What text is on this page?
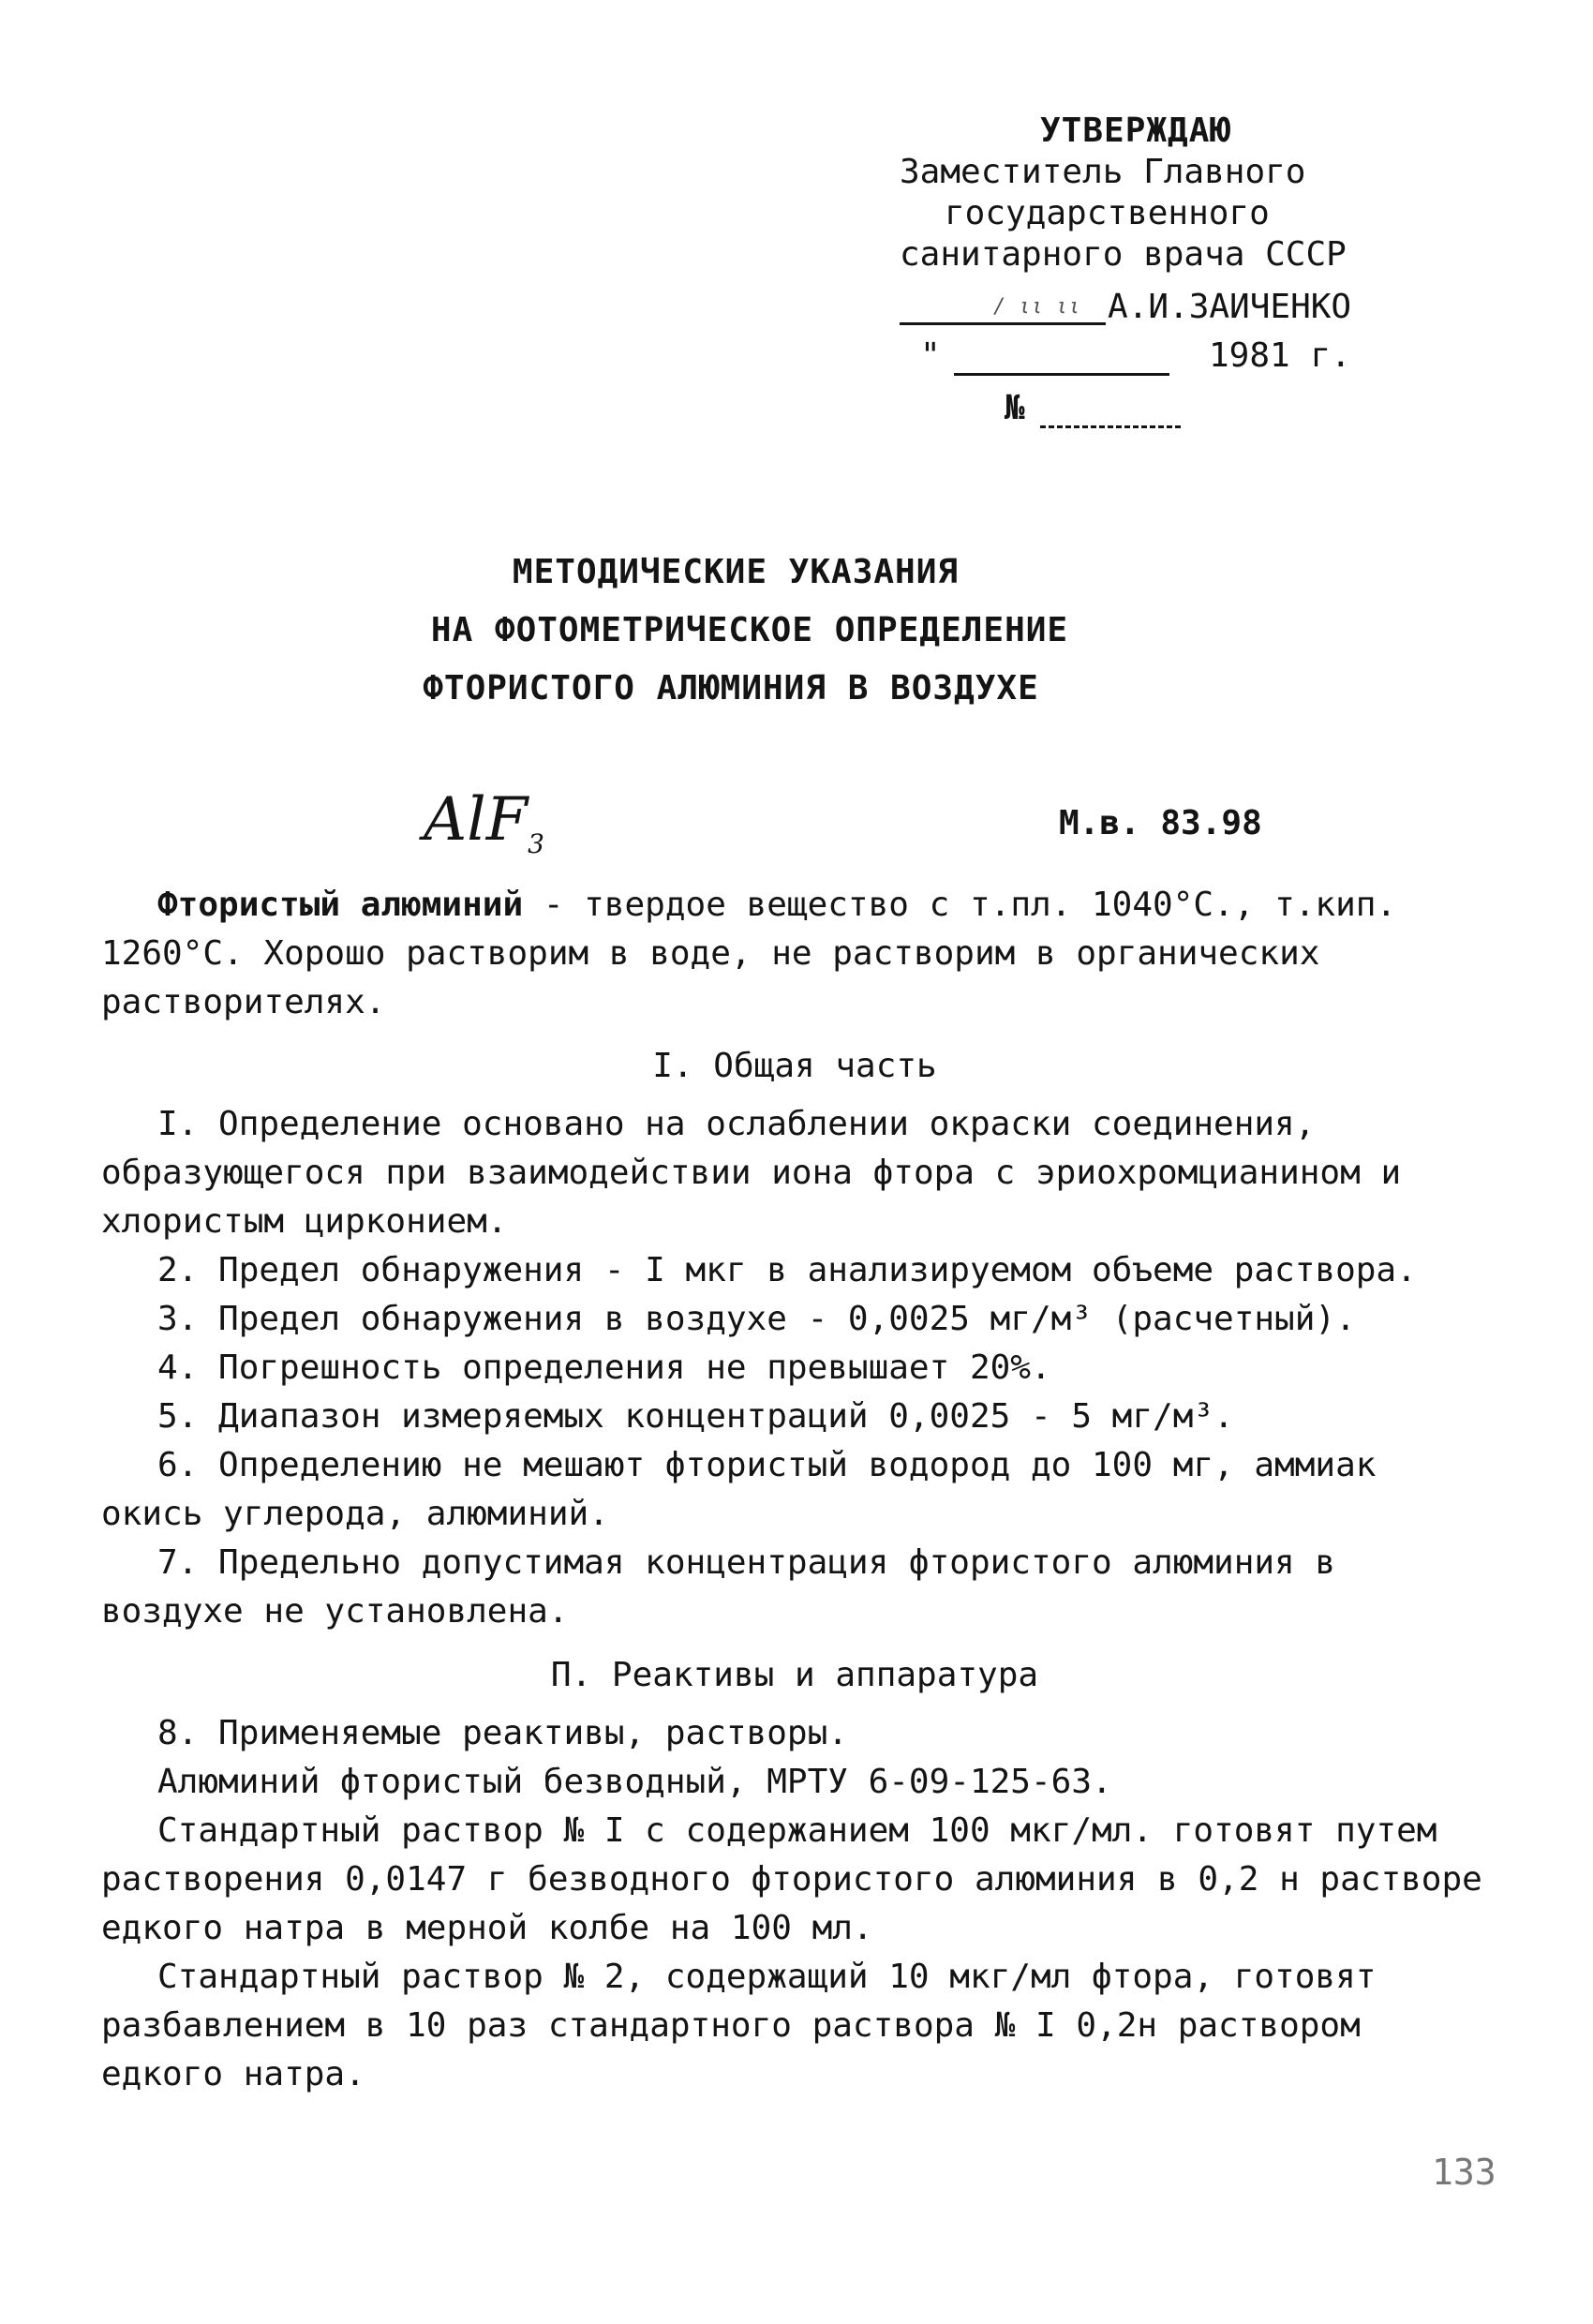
УТВЕРЖДАЮ
Заместитель Главного
государственного
санитарного врача СССР
/ ιι ιι А.И.ЗАИЧЕНКО
"	1981 г.
№
МЕТОДИЧЕСКИЕ УКАЗАНИЯ
НА ФОТОМЕТРИЧЕСКОЕ ОПРЕДЕЛЕНИЕ
ФТОРИСТОГО АЛЮМИНИЯ В ВОЗДУХЕ
AlF$_3$
М.в. 83.98

Фтористый алюминий - твердое вещество с т.пл. 1040°С., т.кип. 1260°С. Хорошо растворим в воде, не растворим в органических растворителях.

I. Общая часть

I. Определение основано на ослаблении окраски соединения, образующегося при взаимодействии иона фтора с эриохромцианином и хлористым цирконием.

2. Предел обнаружения - I мкг в анализируемом объеме раствора.

3. Предел обнаружения в воздухе - 0,0025 мг/м³ (расчетный).

4. Погрешность определения не превышает 20%.

5. Диапазон измеряемых концентраций 0,0025 - 5 мг/м³.

6. Определению не мешают фтористый водород до 100 мг, аммиак окись углерода, алюминий.

7. Предельно допустимая концентрация фтористого алюминия в воздухе не установлена.

П. Реактивы и аппаратура

8. Применяемые реактивы, растворы.

Алюминий фтористый безводный, МРТУ 6-09-125-63.

Стандартный раствор № I с содержанием 100 мкг/мл. готовят путем растворения 0,0147 г безводного фтористого алюминия в 0,2 н растворе едкого натра в мерной колбе на 100 мл.

Стандартный раствор № 2, содержащий 10 мкг/мл фтора, готовят разбавлением в 10 раз стандартного раствора № I 0,2н раствором едкого натра.

133
